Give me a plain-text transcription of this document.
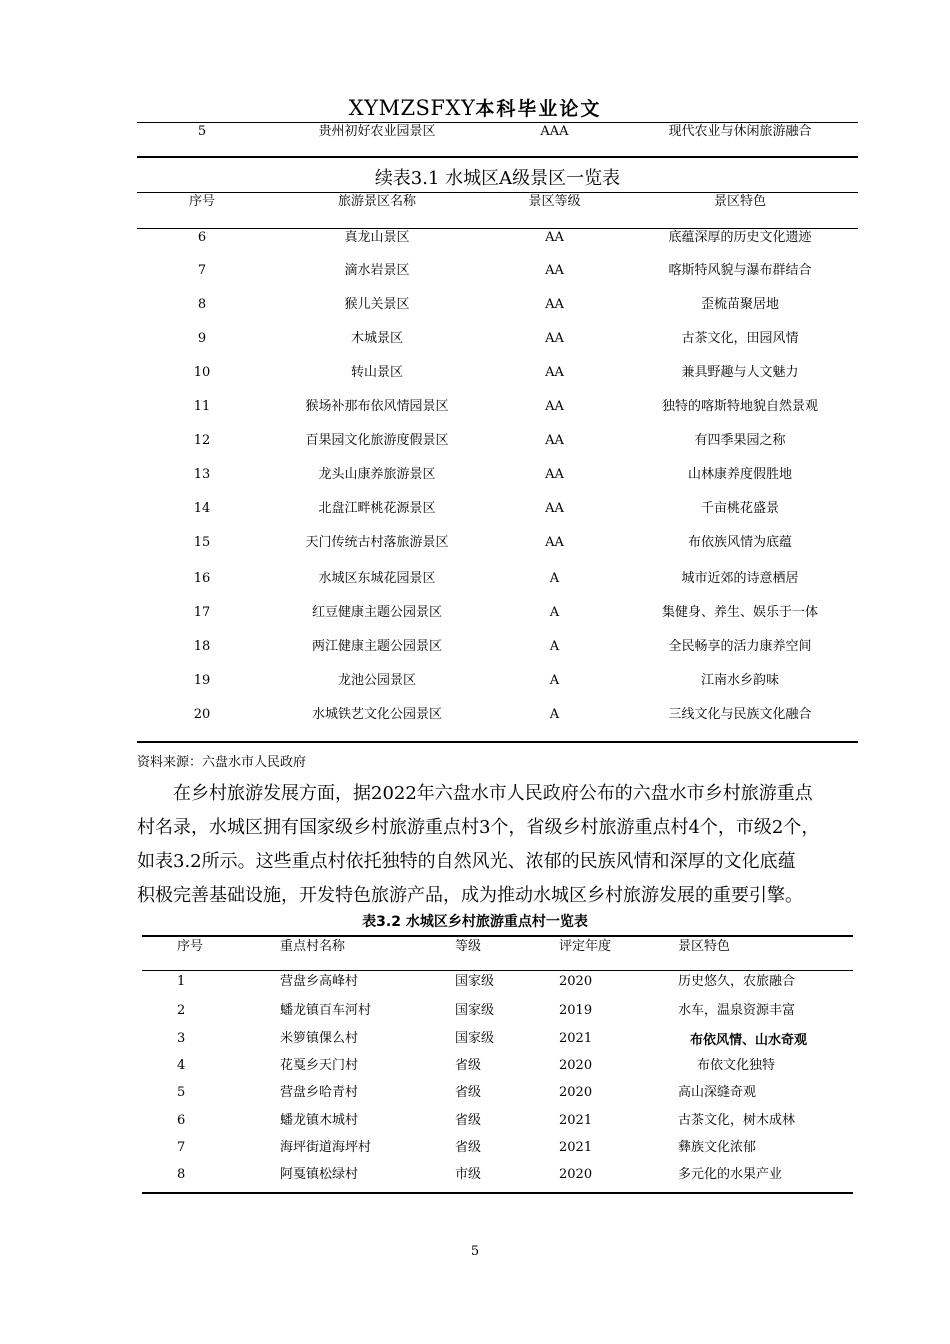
XYMZSFXY本科毕业论文
5	贵州初好农业园景区	AAA	现代农业与休闲旅游融合
续表3.1 水城区A级景区一览表
序号	旅游景区名称	景区等级	景区特色
6	真龙山景区	AA	底蕴深厚的历史文化遗迹
7	滴水岩景区	AA	喀斯特风貌与瀑布群结合
8	猴儿关景区	AA	歪梳苗聚居地
9	木城景区	AA	古茶文化，田园风情
10	转山景区	AA	兼具野趣与人文魅力
11	猴场补那布依风情园景区	AA	独特的喀斯特地貌自然景观
12	百果园文化旅游度假景区	AA	有四季果园之称
13	龙头山康养旅游景区	AA	山林康养度假胜地
14	北盘江畔桃花源景区	AA	千亩桃花盛景
15	天门传统古村落旅游景区	AA	布依族风情为底蕴
16	水城区东城花园景区	A	城市近郊的诗意栖居
17	红豆健康主题公园景区	A	集健身、养生、娱乐于一体
18	两江健康主题公园景区	A	全民畅享的活力康养空间
19	龙池公园景区	A	江南水乡韵味
20	水城铁艺文化公园景区	A	三线文化与民族文化融合
资料来源：六盘水市人民政府
在乡村旅游发展方面，据2022年六盘水市人民政府公布的六盘水市乡村旅游重点
村名录，水城区拥有国家级乡村旅游重点村3个，省级乡村旅游重点村4个，市级2个，
如表3.2所示。这些重点村依托独特的自然风光、浓郁的民族风情和深厚的文化底蕴
积极完善基础设施，开发特色旅游产品，成为推动水城区乡村旅游发展的重要引擎。
表3.2 水城区乡村旅游重点村一览表
序号	重点村名称	等级	评定年度	景区特色
1	营盘乡高峰村	国家级	2020	历史悠久，农旅融合
2	蟠龙镇百车河村	国家级	2019	水车，温泉资源丰富
3	米箩镇倮么村	国家级	2021	布依风情、山水奇观
4	花戛乡天门村	省级	2020	布依文化独特
5	营盘乡哈青村	省级	2020	高山深缝奇观
6	蟠龙镇木城村	省级	2021	古茶文化，树木成林
7	海坪街道海坪村	省级	2021	彝族文化浓郁
8	阿戛镇松绿村	市级	2020	多元化的水果产业
5
